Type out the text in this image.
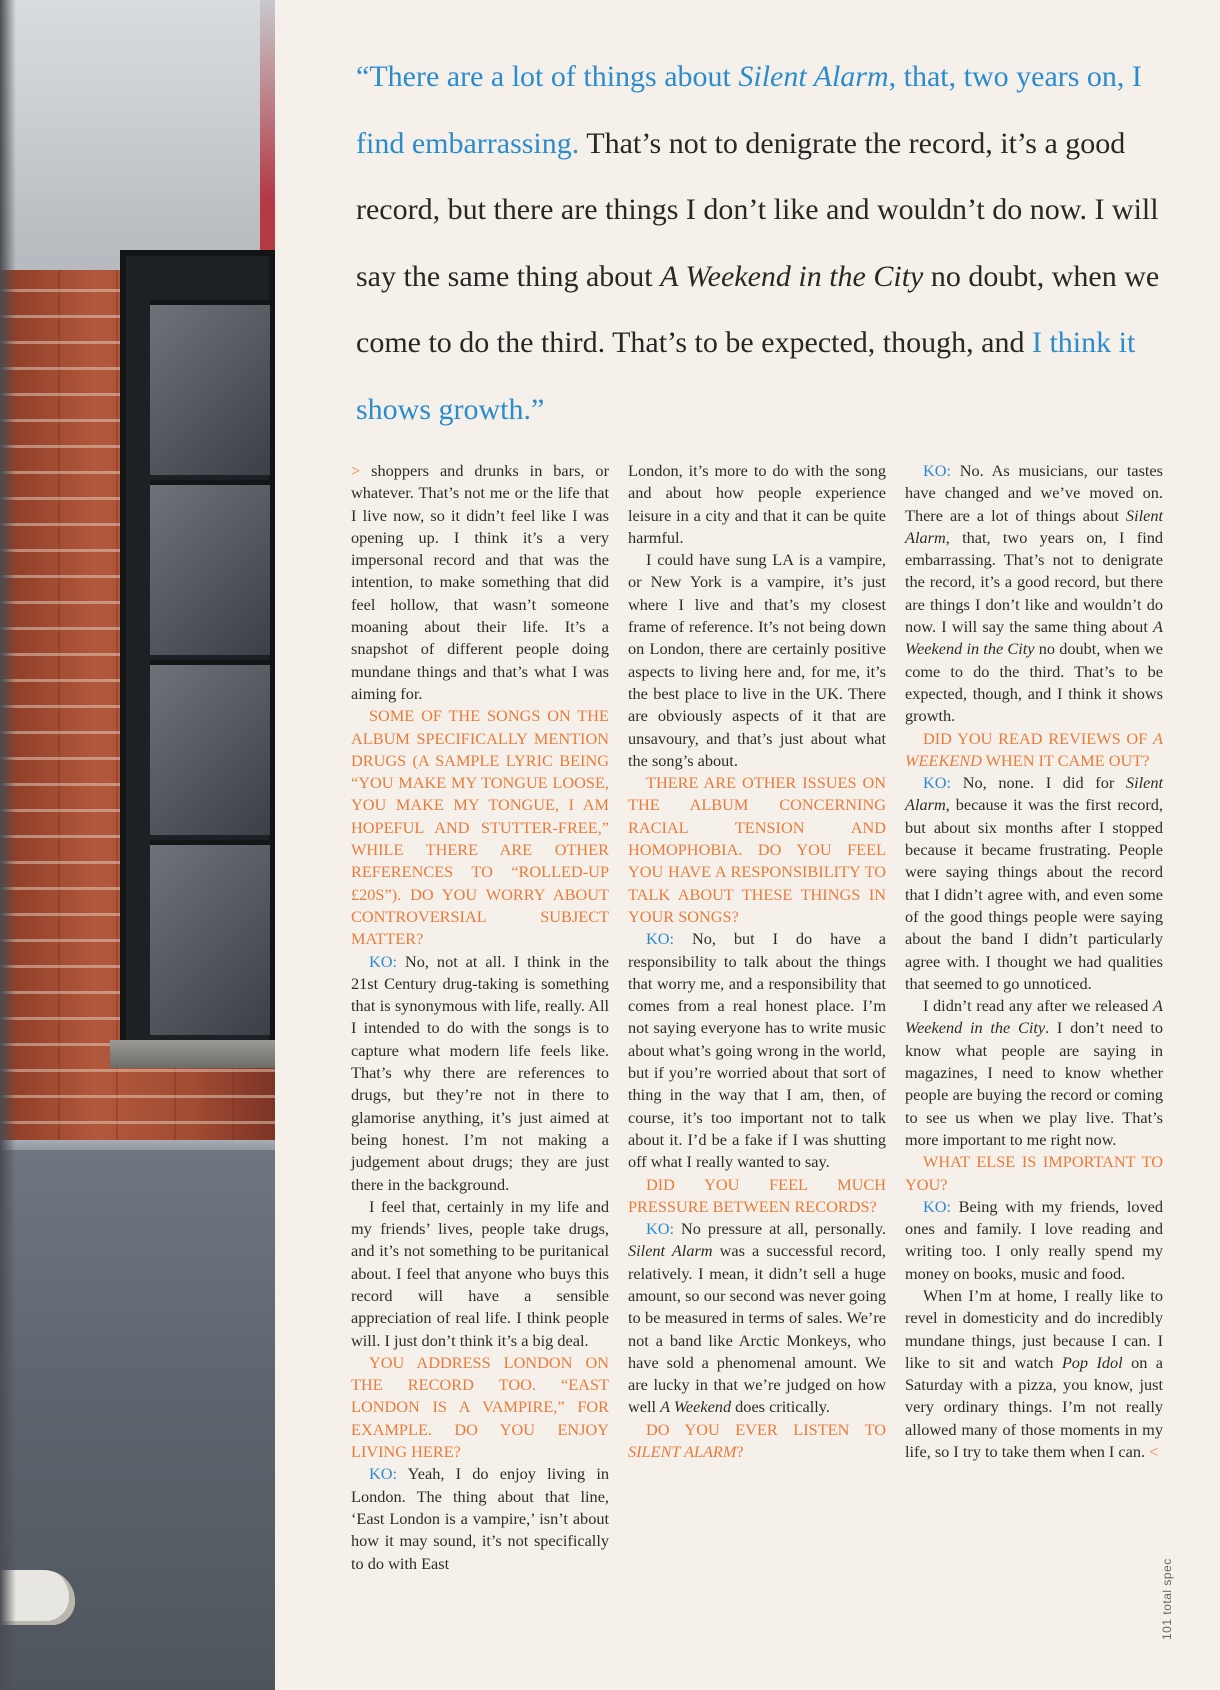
“There are a lot of things about Silent Alarm, that, two years on, I find embarrassing. That’s not to denigrate the record, it’s a good record, but there are things I don’t like and wouldn’t do now. I will say the same thing about A Weekend in the City no doubt, when we come to do the third. That’s to be expected, though, and I think it shows growth.”

> shoppers and drunks in bars, or whatever. That’s not me or the life that I live now, so it didn’t feel like I was opening up. I think it’s a very impersonal record and that was the intention, to make something that did feel hollow, that wasn’t someone moaning about their life. It’s a snapshot of different people doing mundane things and that’s what I was aiming for.

SOME OF THE SONGS ON THE ALBUM SPECIFICALLY MENTION DRUGS (A SAMPLE LYRIC BEING “YOU MAKE MY TONGUE LOOSE, YOU MAKE MY TONGUE, I AM HOPEFUL AND STUTTER-FREE,” WHILE THERE ARE OTHER REFERENCES TO “ROLLED-UP £20S”). DO YOU WORRY ABOUT CONTROVERSIAL SUBJECT MATTER?

KO: No, not at all. I think in the 21st Century drug-taking is something that is synonymous with life, really. All I intended to do with the songs is to capture what modern life feels like. That’s why there are references to drugs, but they’re not in there to glamorise anything, it’s just aimed at being honest. I’m not making a judgement about drugs; they are just there in the background.

I feel that, certainly in my life and my friends’ lives, people take drugs, and it’s not something to be puritanical about. I feel that anyone who buys this record will have a sensible appreciation of real life. I think people will. I just don’t think it’s a big deal.

YOU ADDRESS LONDON ON THE RECORD TOO. “EAST LONDON IS A VAMPIRE,” FOR EXAMPLE. DO YOU ENJOY LIVING HERE?

KO: Yeah, I do enjoy living in London. The thing about that line, ‘East London is a vampire,’ isn’t about how it may sound, it’s not specifically to do with East

London, it’s more to do with the song and about how people experience leisure in a city and that it can be quite harmful.

I could have sung LA is a vampire, or New York is a vampire, it’s just where I live and that’s my closest frame of reference. It’s not being down on London, there are certainly positive aspects to living here and, for me, it’s the best place to live in the UK. There are obviously aspects of it that are unsavoury, and that’s just about what the song’s about.

THERE ARE OTHER ISSUES ON THE ALBUM CONCERNING RACIAL TENSION AND HOMOPHOBIA. DO YOU FEEL YOU HAVE A RESPONSIBILITY TO TALK ABOUT THESE THINGS IN YOUR SONGS?

KO: No, but I do have a responsibility to talk about the things that worry me, and a responsibility that comes from a real honest place. I’m not saying everyone has to write music about what’s going wrong in the world, but if you’re worried about that sort of thing in the way that I am, then, of course, it’s too important not to talk about it. I’d be a fake if I was shutting off what I really wanted to say.

DID YOU FEEL MUCH PRESSURE BETWEEN RECORDS?

KO: No pressure at all, personally. Silent Alarm was a successful record, relatively. I mean, it didn’t sell a huge amount, so our second was never going to be measured in terms of sales. We’re not a band like Arctic Monkeys, who have sold a phenomenal amount. We are lucky in that we’re judged on how well A Weekend does critically.

DO YOU EVER LISTEN TO SILENT ALARM?

KO: No. As musicians, our tastes have changed and we’ve moved on. There are a lot of things about Silent Alarm, that, two years on, I find embarrassing. That’s not to denigrate the record, it’s a good record, but there are things I don’t like and wouldn’t do now. I will say the same thing about A Weekend in the City no doubt, when we come to do the third. That’s to be expected, though, and I think it shows growth.

DID YOU READ REVIEWS OF A WEEKEND WHEN IT CAME OUT?

KO: No, none. I did for Silent Alarm, because it was the first record, but about six months after I stopped because it became frustrating. People were saying things about the record that I didn’t agree with, and even some of the good things people were saying about the band I didn’t particularly agree with. I thought we had qualities that seemed to go unnoticed.

I didn’t read any after we released A Weekend in the City. I don’t need to know what people are saying in magazines, I need to know whether people are buying the record or coming to see us when we play live. That’s more important to me right now.

WHAT ELSE IS IMPORTANT TO YOU?

KO: Being with my friends, loved ones and family. I love reading and writing too. I only really spend my money on books, music and food.

When I’m at home, I really like to revel in domesticity and do incredibly mundane things, just because I can. I like to sit and watch Pop Idol on a Saturday with a pizza, you know, just very ordinary things. I’m not really allowed many of those moments in my life, so I try to take them when I can. <

101 total spec
